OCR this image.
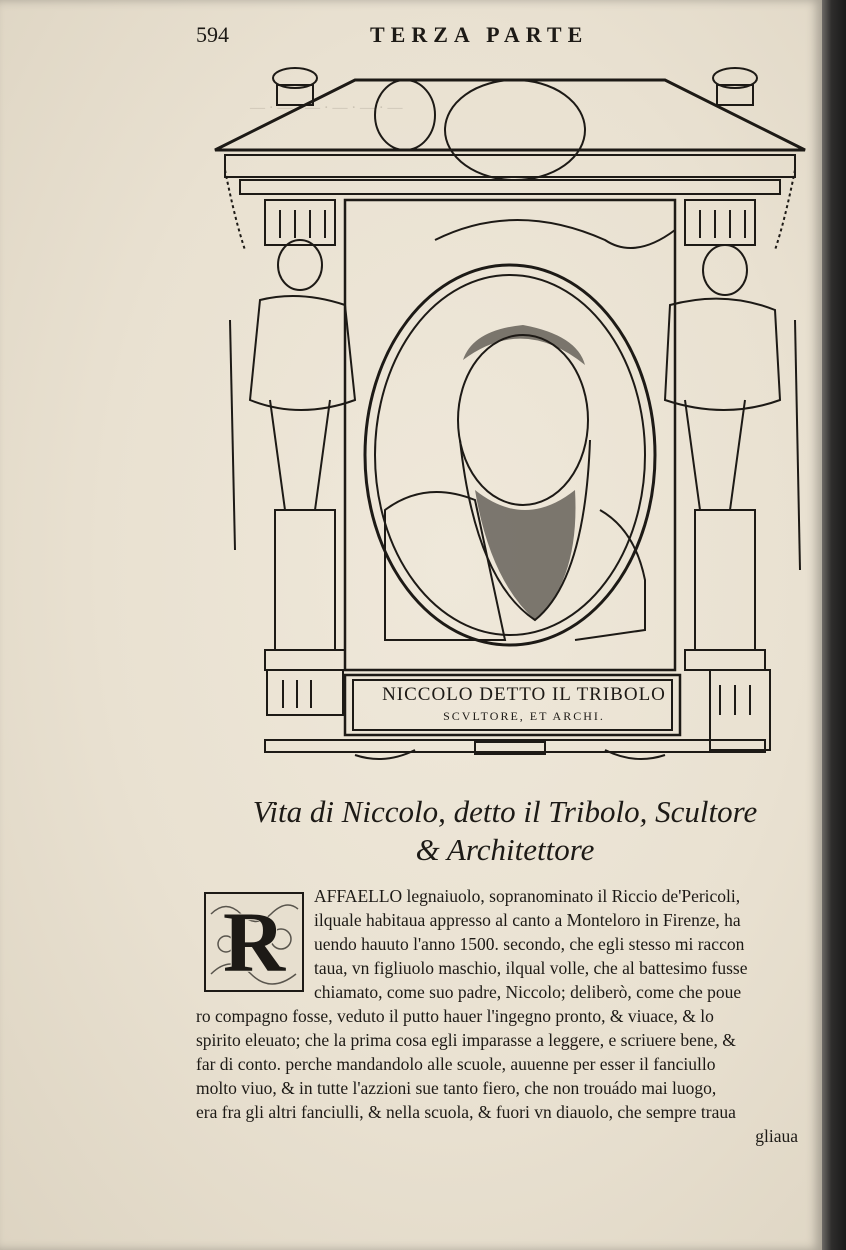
— · — · — · — · — · —
594	TERZA PARTE
NICCOLO DETTO IL TRIBOLO
SCVLTORE, ET ARCHI.
Vita di Niccolo, detto il Tribolo, Scultore
& Architettore
R	AFFAELLO legnaiuolo, sopranominato il Riccio de'Pericoli,
ilquale habitaua appresso al canto a Monteloro in Firenze, ha
uendo hauuto l'anno 1500. secondo, che egli stesso mi raccon
taua, vn figliuolo maschio, ilqual volle, che al battesimo fusse
chiamato, come suo padre, Niccolo; deliberò, come che poue
ro compagno fosse, veduto il putto hauer l'ingegno pronto, & viuace, & lo
spirito eleuato; che la prima cosa egli imparasse a leggere, e scriuere bene, &
far di conto. perche mandandolo alle scuole, auuenne per esser il fanciullo
molto viuo, & in tutte l'azzioni sue tanto fiero, che non trouádo mai luogo,
era fra gli altri fanciulli, & nella scuola, & fuori vn diauolo, che sempre traua
gliaua
